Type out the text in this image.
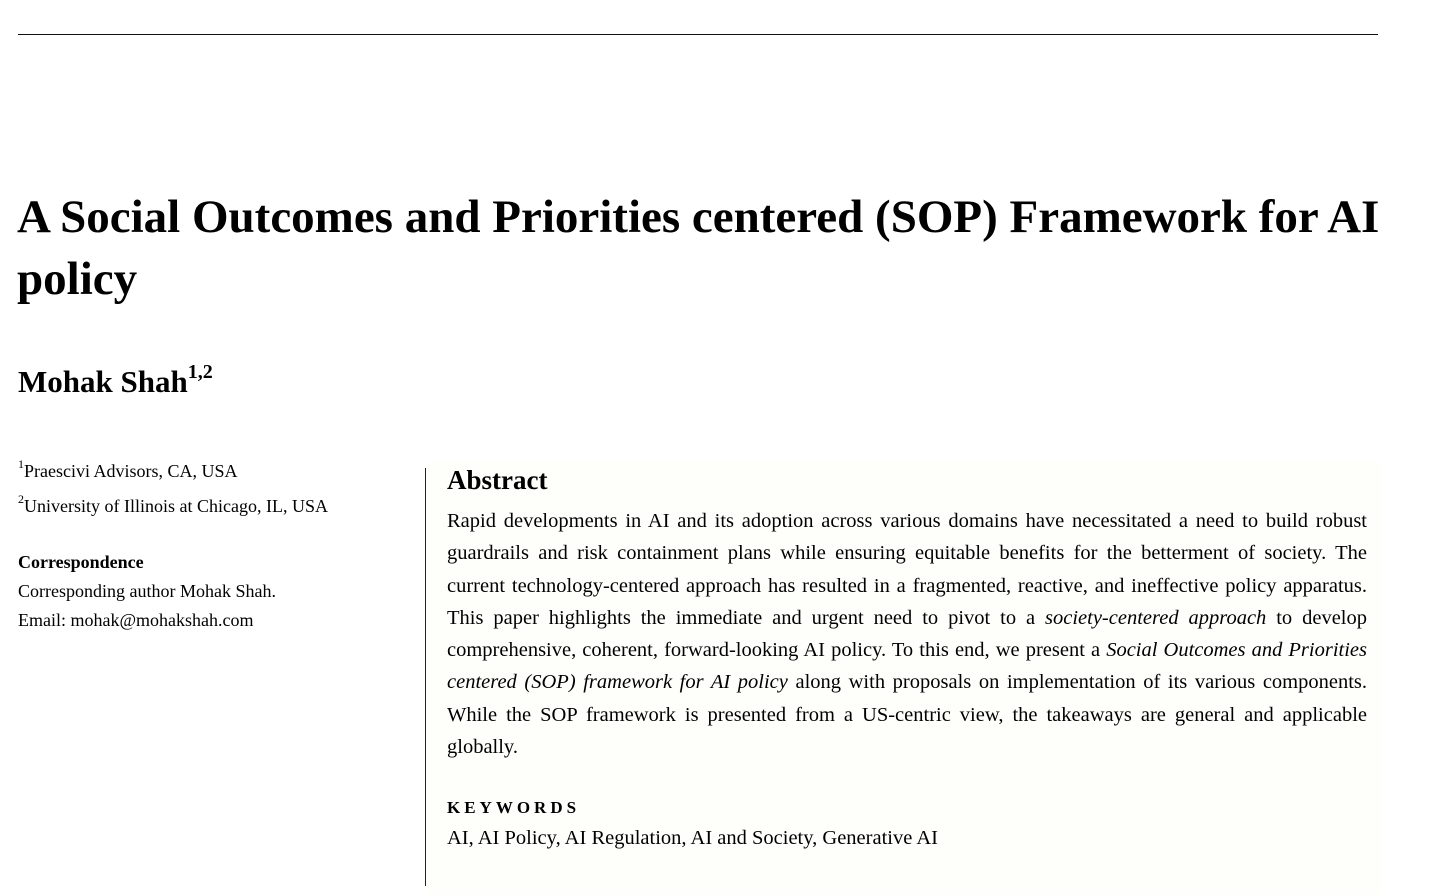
A Social Outcomes and Priorities centered (SOP) Framework for AI policy
Mohak Shah$^{1,2}$
$^1$Praescivi Advisors, CA, USA
$^2$University of Illinois at Chicago, IL, USA
Correspondence
Corresponding author Mohak Shah.
Email: mohak@mohakshah.com
Abstract

Rapid developments in AI and its adoption across various domains have necessitated a need to build robust guardrails and risk containment plans while ensuring equitable benefits for the betterment of society. The current technology-centered approach has resulted in a fragmented, reactive, and ineffective policy apparatus. This paper highlights the immediate and urgent need to pivot to a society-centered approach to develop comprehensive, coherent, forward-looking AI policy. To this end, we present a Social Outcomes and Priorities centered (SOP) framework for AI policy along with proposals on implementation of its various components. While the SOP framework is presented from a US-centric view, the takeaways are general and applicable globally.

KEYWORDS
AI, AI Policy, AI Regulation, AI and Society, Generative AI
